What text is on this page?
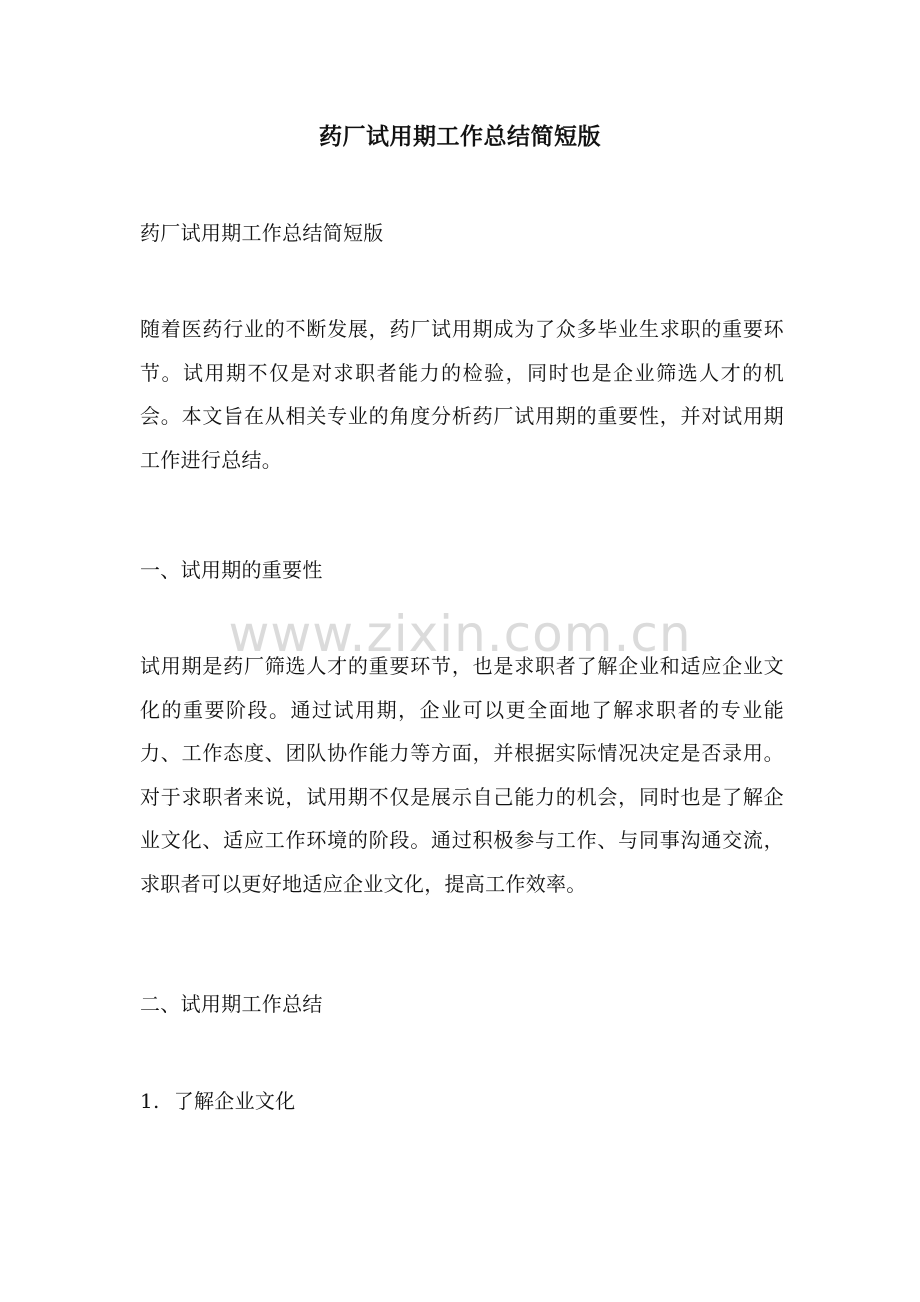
药厂试用期工作总结简短版
药厂试用期工作总结简短版
随着医药行业的不断发展，药厂试用期成为了众多毕业生求职的重要环节。试用期不仅是对求职者能力的检验，同时也是企业筛选人才的机会。本文旨在从相关专业的角度分析药厂试用期的重要性，并对试用期工作进行总结。
一、试用期的重要性
试用期是药厂筛选人才的重要环节，也是求职者了解企业和适应企业文化的重要阶段。通过试用期，企业可以更全面地了解求职者的专业能力、工作态度、团队协作能力等方面，并根据实际情况决定是否录用。对于求职者来说，试用期不仅是展示自己能力的机会，同时也是了解企业文化、适应工作环境的阶段。通过积极参与工作、与同事沟通交流，求职者可以更好地适应企业文化，提高工作效率。
二、试用期工作总结
1. 了解企业文化
www.zixin.com.cn
